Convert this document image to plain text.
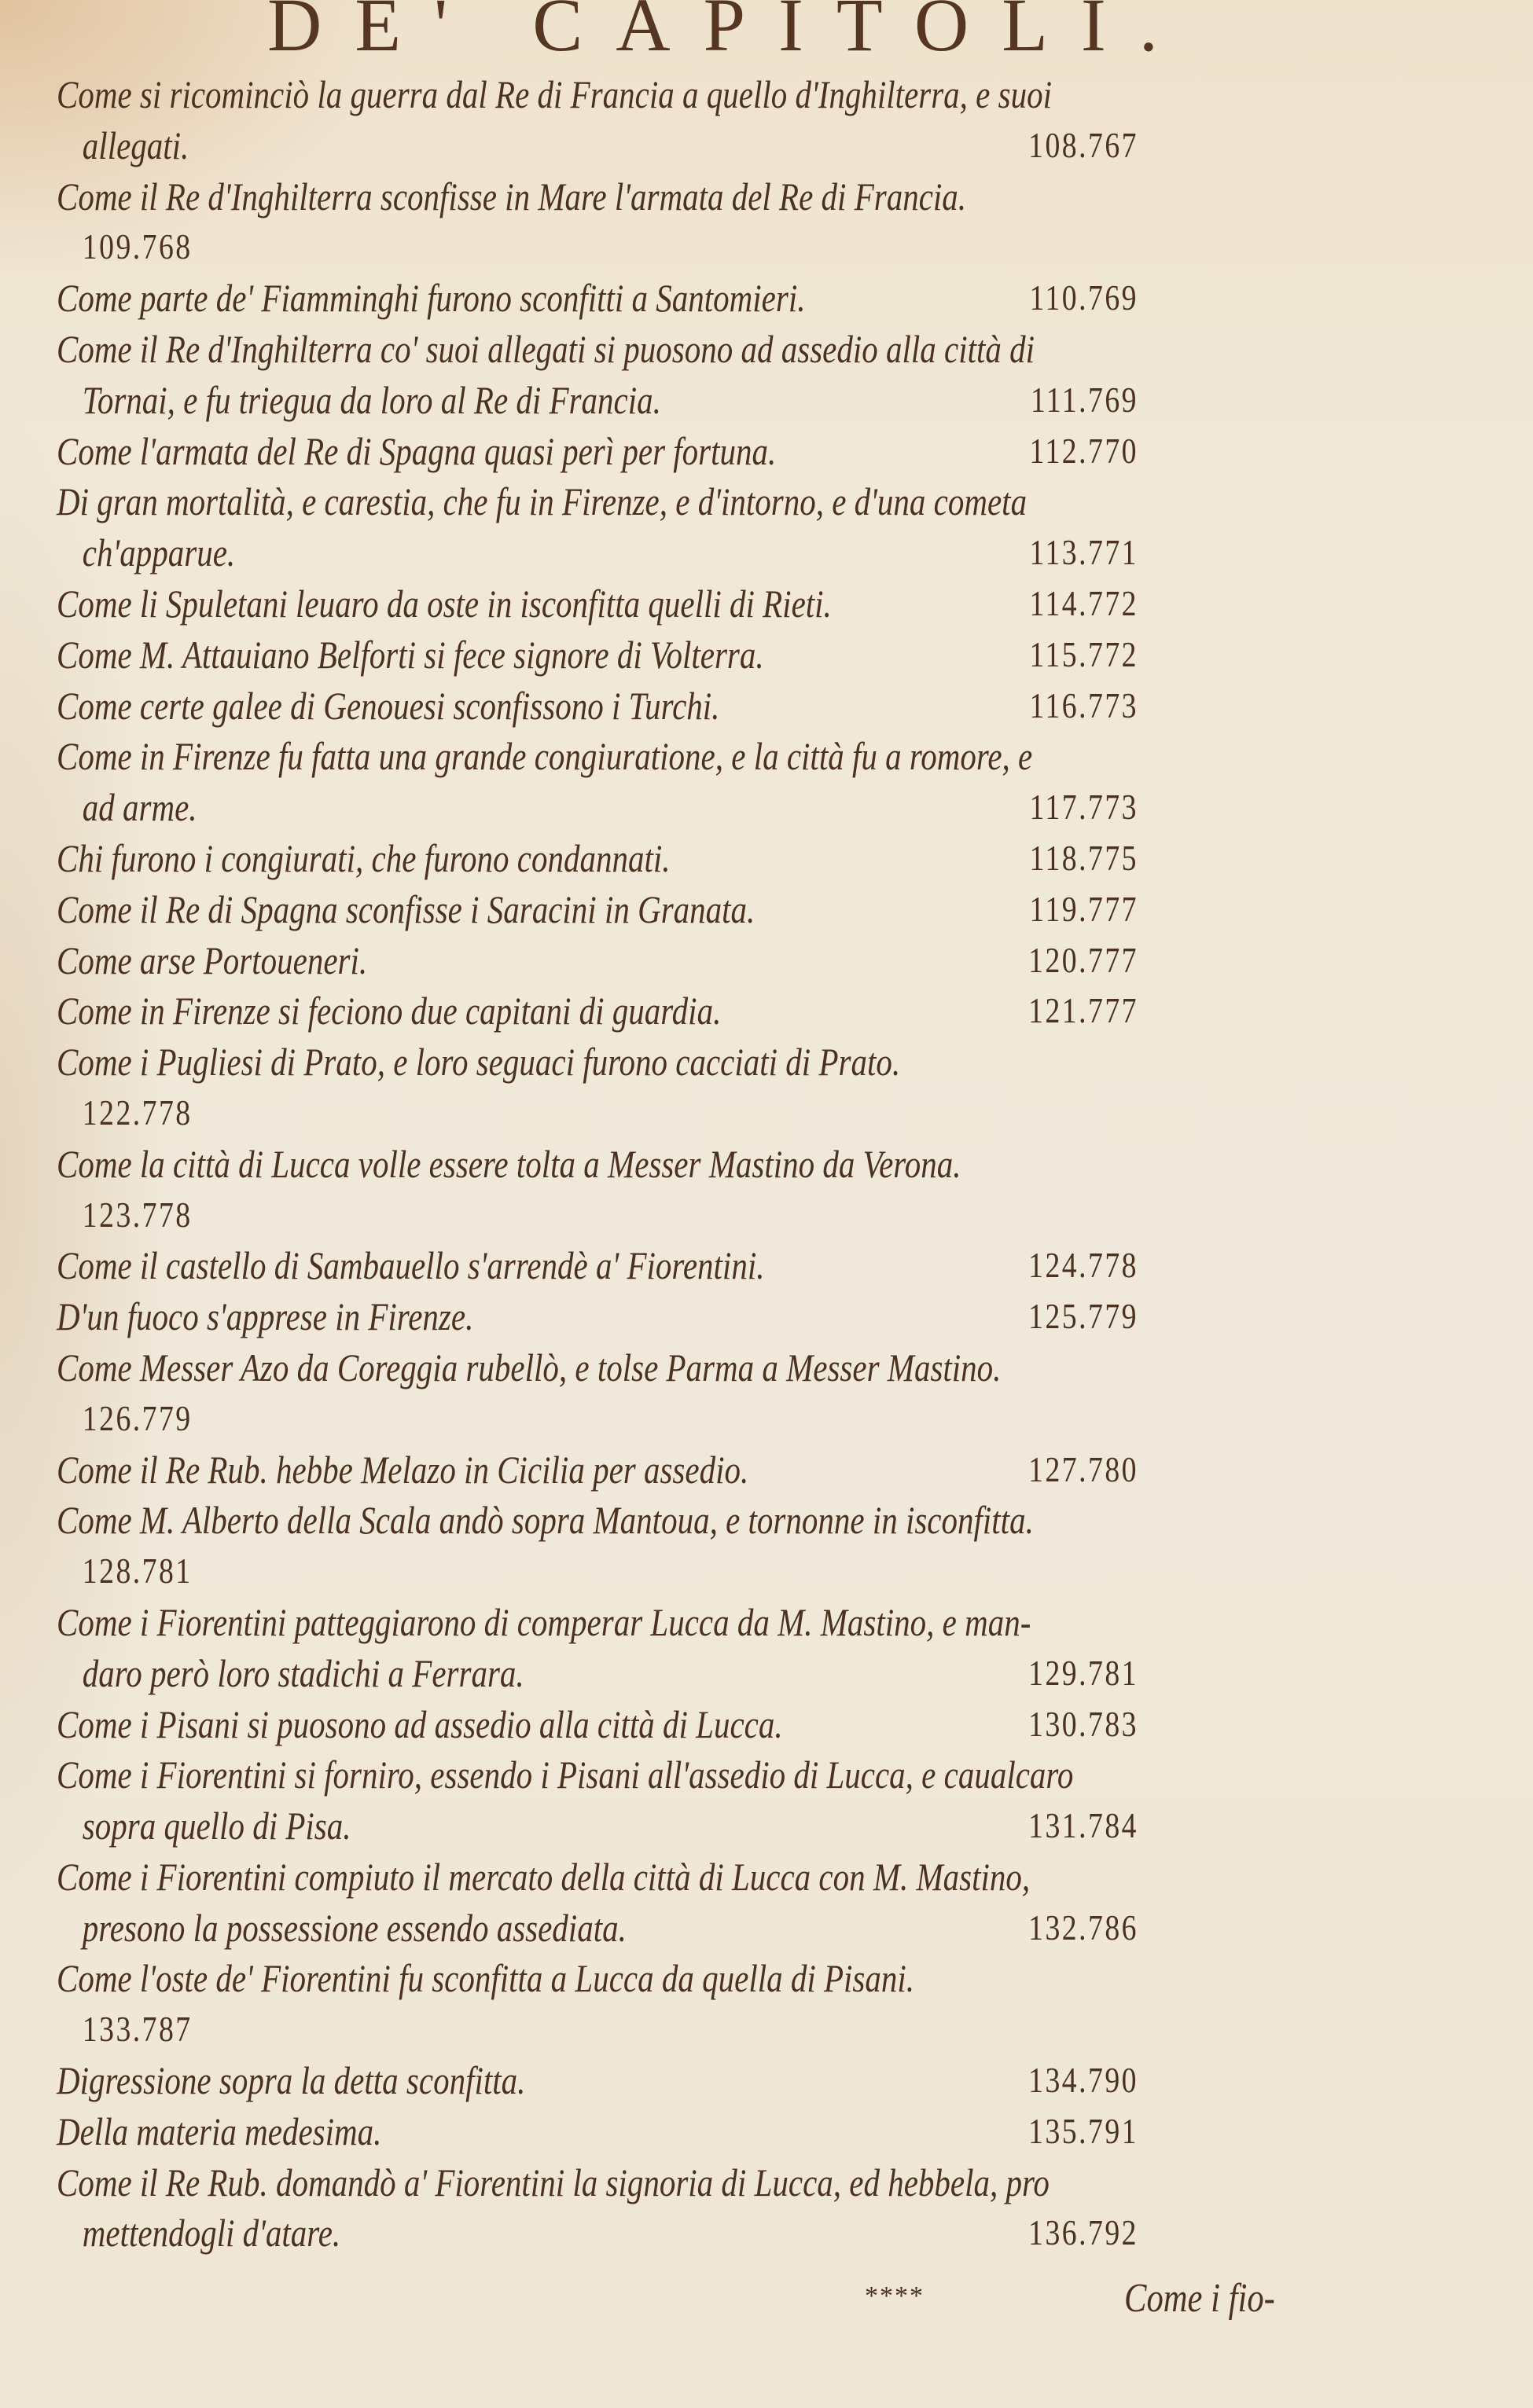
DE' CAPITOLI.
Come si ricominciò la guerra dal Re di Francia a quello d'Inghilterra, e suoi
allegati.	108.767
Come il Re d'Inghilterra sconfisse in Mare l'armata del Re di Francia.
109.768
Come parte de' Fiamminghi furono sconfitti a Santomieri.	110.769
Come il Re d'Inghilterra co' suoi allegati si puosono ad assedio alla città di
Tornai, e fu triegua da loro al Re di Francia.	111.769
Come l'armata del Re di Spagna quasi perì per fortuna.	112.770
Di gran mortalità, e carestia, che fu in Firenze, e d'intorno, e d'una cometa
ch'apparue.	113.771
Come li Spuletani leuaro da oste in isconfitta quelli di Rieti.	114.772
Come M. Attauiano Belforti si fece signore di Volterra.	115.772
Come certe galee di Genouesi sconfissono i Turchi.	116.773
Come in Firenze fu fatta una grande congiuratione, e la città fu a romore, e
ad arme.	117.773
Chi furono i congiurati, che furono condannati.	118.775
Come il Re di Spagna sconfisse i Saracini in Granata.	119.777
Come arse Portoueneri.	120.777
Come in Firenze si feciono due capitani di guardia.	121.777
Come i Pugliesi di Prato, e loro seguaci furono cacciati di Prato.
122.778
Come la città di Lucca volle essere tolta a Messer Mastino da Verona.
123.778
Come il castello di Sambauello s'arrendè a' Fiorentini.	124.778
D'un fuoco s'apprese in Firenze.	125.779
Come Messer Azo da Coreggia rubellò, e tolse Parma a Messer Mastino.
126.779
Come il Re Rub. hebbe Melazo in Cicilia per assedio.	127.780
Come M. Alberto della Scala andò sopra Mantoua, e tornonne in isconfitta.
128.781
Come i Fiorentini patteggiarono di comperar Lucca da M. Mastino, e man-
daro però loro stadichi a Ferrara.	129.781
Come i Pisani si puosono ad assedio alla città di Lucca.	130.783
Come i Fiorentini si forniro, essendo i Pisani all'assedio di Lucca, e caualcaro
sopra quello di Pisa.	131.784
Come i Fiorentini compiuto il mercato della città di Lucca con M. Mastino,
presono la possessione essendo assediata.	132.786
Come l'oste de' Fiorentini fu sconfitta a Lucca da quella di Pisani.
133.787
Digressione sopra la detta sconfitta.	134.790
Della materia medesima.	135.791
Come il Re Rub. domandò a' Fiorentini la signoria di Lucca, ed hebbela, pro
mettendogli d'atare.	136.792
****	Come i fio-
